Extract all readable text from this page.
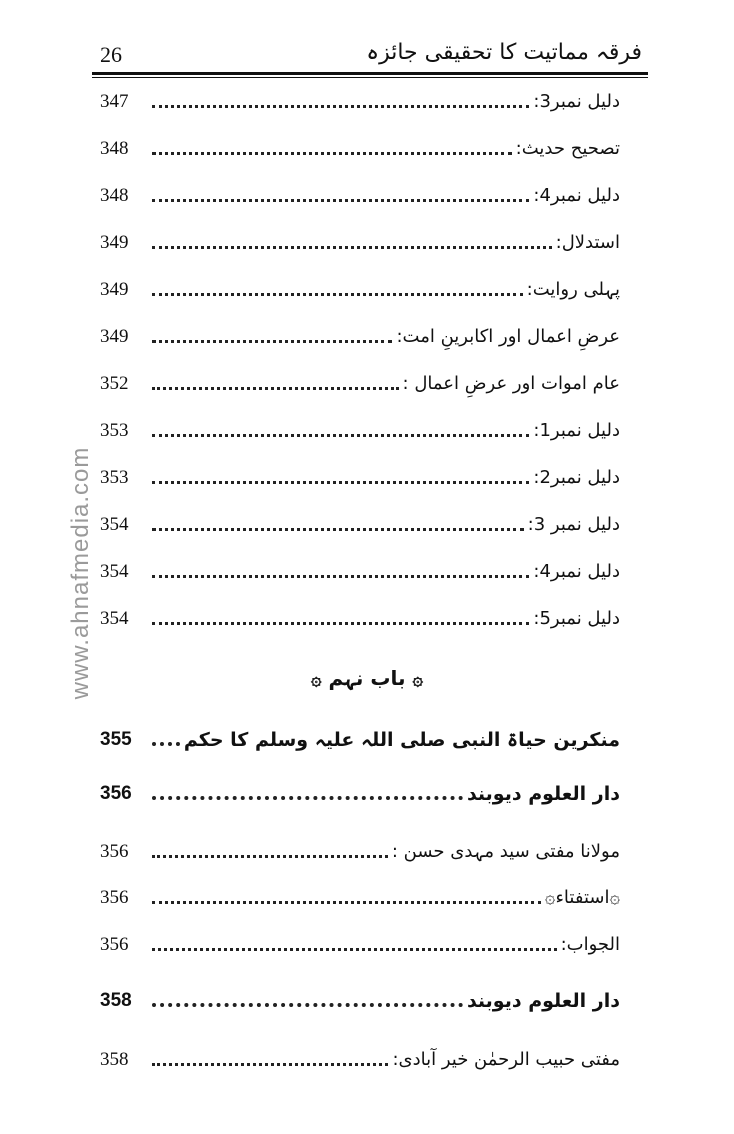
26	فرقہ مماتیت کا تحقیقی جائزہ
www.ahnafmedia.com
347	دلیل نمبر3:
348	تصحیح حدیث:
348	دلیل نمبر4:
349	استدلال:
349	پہلی روایت:
349	عرضِ اعمال اور اکابرینِ امت:
352	عام اموات اور عرضِ اعمال :
353	دلیل نمبر1:
353	دلیل نمبر2:
354	دلیل نمبر 3:
354	دلیل نمبر4:
354	دلیل نمبر5:
۞ باب نہم ۞
355	منکرین حیاۃ النبی صلی اللہ علیہ وسلم کا حکم
356	دار العلوم دیوبند
356	مولانا مفتی سید مہدی حسن :
356	۞استفتاء۞
356	الجواب:
358	دار العلوم دیوبند
358	مفتی حبیب الرحمٰن خیر آبادی:
